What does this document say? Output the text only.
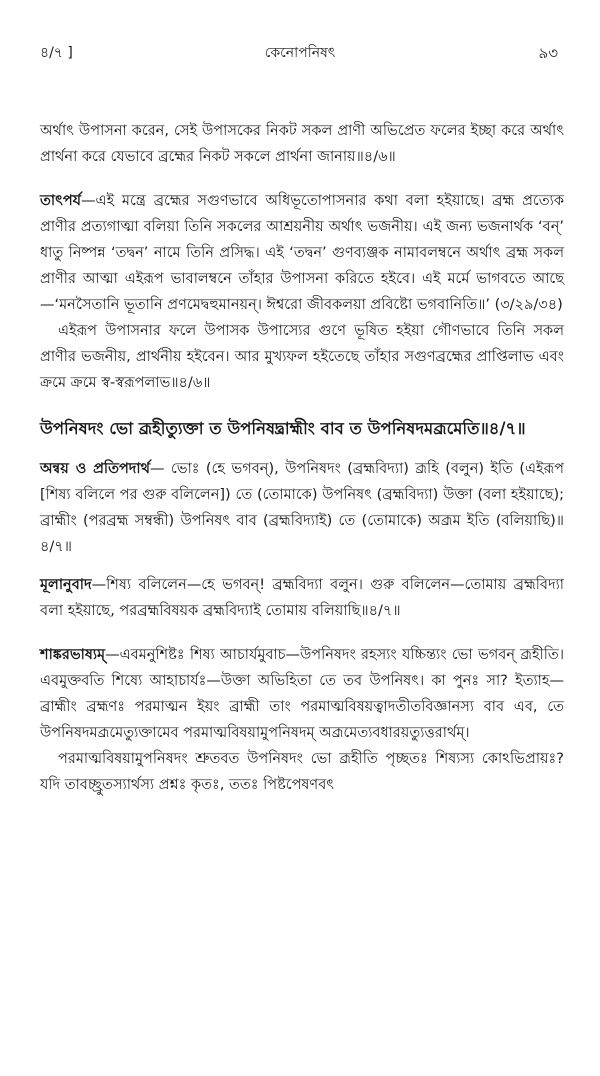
৪/৭ ]	কেনোপনিষৎ	৯৩

অর্থাৎ উপাসনা করেন, সেই উপাসকের নিকট সকল প্রাণী অভিপ্রেত ফলের ইচ্ছা করে অর্থাৎ প্রার্থনা করে যেভাবে ব্রহ্মের নিকট সকলে প্রার্থনা জানায়॥৪/৬॥

তাৎপর্য—এই মন্ত্রে ব্রহ্মের সগুণভাবে অধিভূতোপাসনার কথা বলা হইয়াছে। ব্রহ্ম প্রত্যেক প্রাণীর প্রত্যগাত্মা বলিয়া তিনি সকলের আশ্রয়নীয় অর্থাৎ ভজনীয়। এই জন্য ভজনার্থক ‘বন্’ ধাতু নিষ্পন্ন ‘তদ্বন’ নামে তিনি প্রসিদ্ধ। এই ‘তদ্বন’ গুণব্যঞ্জক নামাবলম্বনে অর্থাৎ ব্রহ্ম সকল প্রাণীর আত্মা এইরূপ ভাবালম্বনে তাঁহার উপাসনা করিতে হইবে। এই মর্মে ভাগবতে আছে—‘মনসৈতানি ভূতানি প্রণমেদ্বহুমানয়ন্। ঈশ্বরো জীবকলয়া প্রবিষ্টো ভগবানিতি॥’ (৩/২৯/৩৪)

এইরূপ উপাসনার ফলে উপাসক উপাস্যের গুণে ভূষিত হইয়া গৌণভাবে তিনি সকল প্রাণীর ভজনীয়, প্রার্থনীয় হইবেন। আর মুখ্যফল হইতেছে তাঁহার সগুণব্রহ্মের প্রাপ্তিলাভ এবং ক্রমে ক্রমে স্ব-স্বরূপলাভ॥৪/৬॥

উপনিষদং ভো ব্রূহীত্যুক্তা ত উপনিষদ্ব্রাহ্মীং বাব ত উপনিষদমব্রূমেতি॥৪/৭॥

অন্বয় ও প্রতিপদার্থ— ভোঃ (হে ভগবন্), উপনিষদং (ব্রহ্মবিদ্যা) ব্রূহি (বলুন) ইতি (এইরূপ [শিষ্য বলিলে পর গুরু বলিলেন]) তে (তোমাকে) উপনিষৎ (ব্রহ্মবিদ্যা) উক্তা (বলা হইয়াছে); ব্রাহ্মীং (পরব্রহ্ম সম্বন্ধী) উপনিষৎ বাব (ব্রহ্মবিদ্যাই) তে (তোমাকে) অব্রূম ইতি (বলিয়াছি)॥৪/৭॥

মূলানুবাদ—শিষ্য বলিলেন—হে ভগবন্! ব্রহ্মবিদ্যা বলুন। গুরু বলিলেন—তোমায় ব্রহ্মবিদ্যা বলা হইয়াছে, পরব্রহ্মবিষয়ক ব্রহ্মবিদ্যাই তোমায় বলিয়াছি॥৪/৭॥

শাঙ্করভাষ্যম্—এবমনুশিষ্টঃ শিষ্য আচার্যমুবাচ—উপনিষদং রহস্যং যচ্চিন্ত্যং ভো ভগবন্ ব্রূহীতি। এবমুক্তবতি শিষ্যে আহাচার্যঃ—উক্তা অভিহিতা তে তব উপনিষৎ। কা পুনঃ সা? ইত্যাহ—ব্রাহ্মীং ব্রহ্মণঃ পরমাত্মন ইয়ং ব্রাহ্মী তাং পরমাত্মবিষয়ত্বাদতীতবিজ্ঞানস্য বাব এব, তে উপনিষদমব্রূমেত্যুক্তামেব পরমাত্মবিষয়ামুপনিষদম্ অব্রূমেত্যবধারয়ত্যুত্তরার্থম্।

পরমাত্মবিষয়ামুপনিষদং শ্রুতবত উপনিষদং ভো ব্রূহীতি পৃচ্ছতঃ শিষ্যস্য কোঽভিপ্রায়ঃ? যদি তাবচ্ছ্রুতস্যার্থস্য প্রশ্নঃ কৃতঃ, ততঃ পিষ্টপেষণবৎ
